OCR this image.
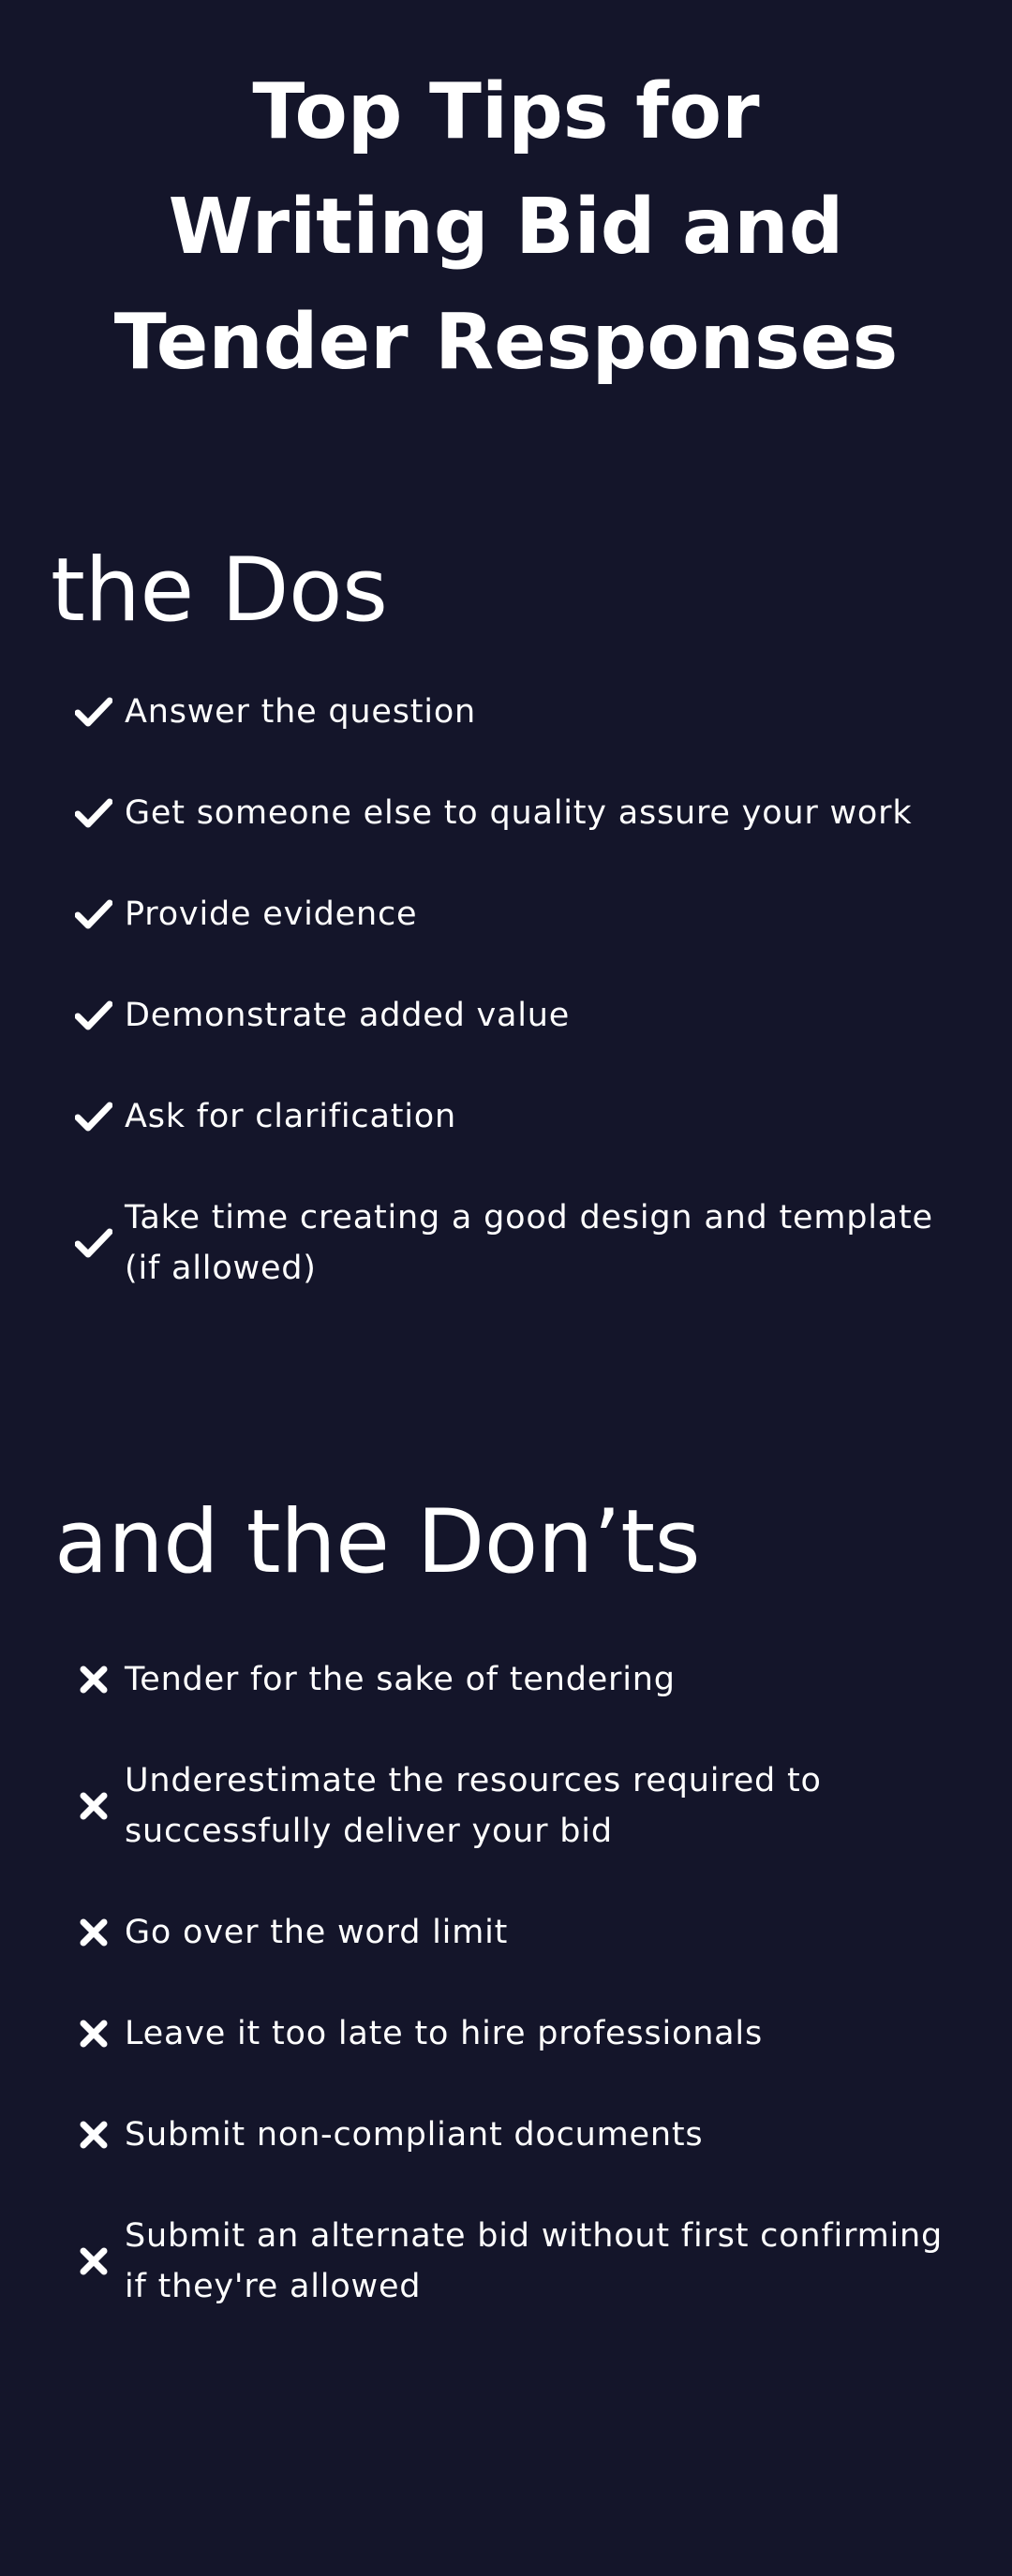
Top Tips for
Writing Bid and
Tender Responses
the Dos
Answer the question
Get someone else to quality assure your work
Provide evidence
Demonstrate added value
Ask for clarification
Take time creating a good design and template (if allowed)
and the Don’ts
Tender for the sake of tendering
Underestimate the resources required to successfully deliver your bid
Go over the word limit
Leave it too late to hire professionals
Submit non-compliant documents
Submit an alternate bid without first confirming if they're allowed
